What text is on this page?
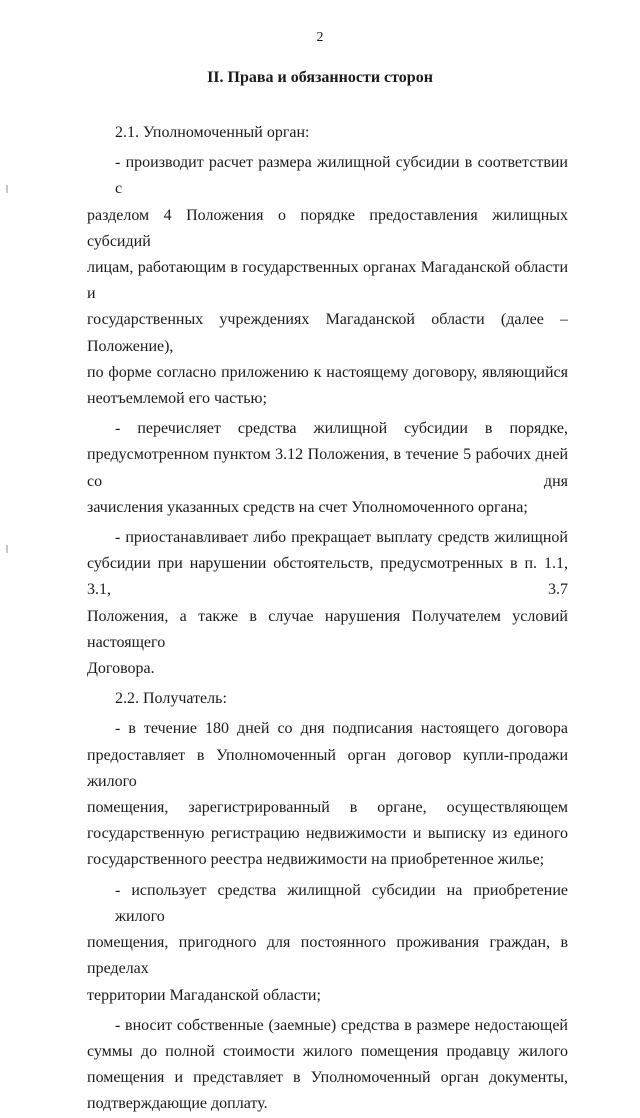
2
II. Права и обязанности сторон
2.1. Уполномоченный орган:
- производит расчет размера жилищной субсидии в соответствии с
разделом 4 Положения о порядке предоставления жилищных субсидий
лицам, работающим в государственных органах Магаданской области и
государственных учреждениях Магаданской области (далее – Положение),
по форме согласно приложению к настоящему договору, являющийся
неотъемлемой его частью;
- перечисляет средства жилищной субсидии в порядке,
предусмотренном пунктом 3.12 Положения, в течение 5 рабочих дней со дня
зачисления указанных средств на счет Уполномоченного органа;
- приостанавливает либо прекращает выплату средств жилищной
субсидии при нарушении обстоятельств, предусмотренных в п. 1.1, 3.1, 3.7
Положения, а также в случае нарушения Получателем условий настоящего
Договора.
2.2. Получатель:
- в течение 180 дней со дня подписания настоящего договора
предоставляет в Уполномоченный орган договор купли-продажи жилого
помещения, зарегистрированный в органе, осуществляющем
государственную регистрацию недвижимости и выписку из единого
государственного реестра недвижимости на приобретенное жилье;
- использует средства жилищной субсидии на приобретение жилого
помещения, пригодного для постоянного проживания граждан, в пределах
территории Магаданской области;
- вносит собственные (заемные) средства в размере недостающей
суммы до полной стоимости жилого помещения продавцу жилого
помещения и представляет в Уполномоченный орган документы,
подтверждающие доплату.
